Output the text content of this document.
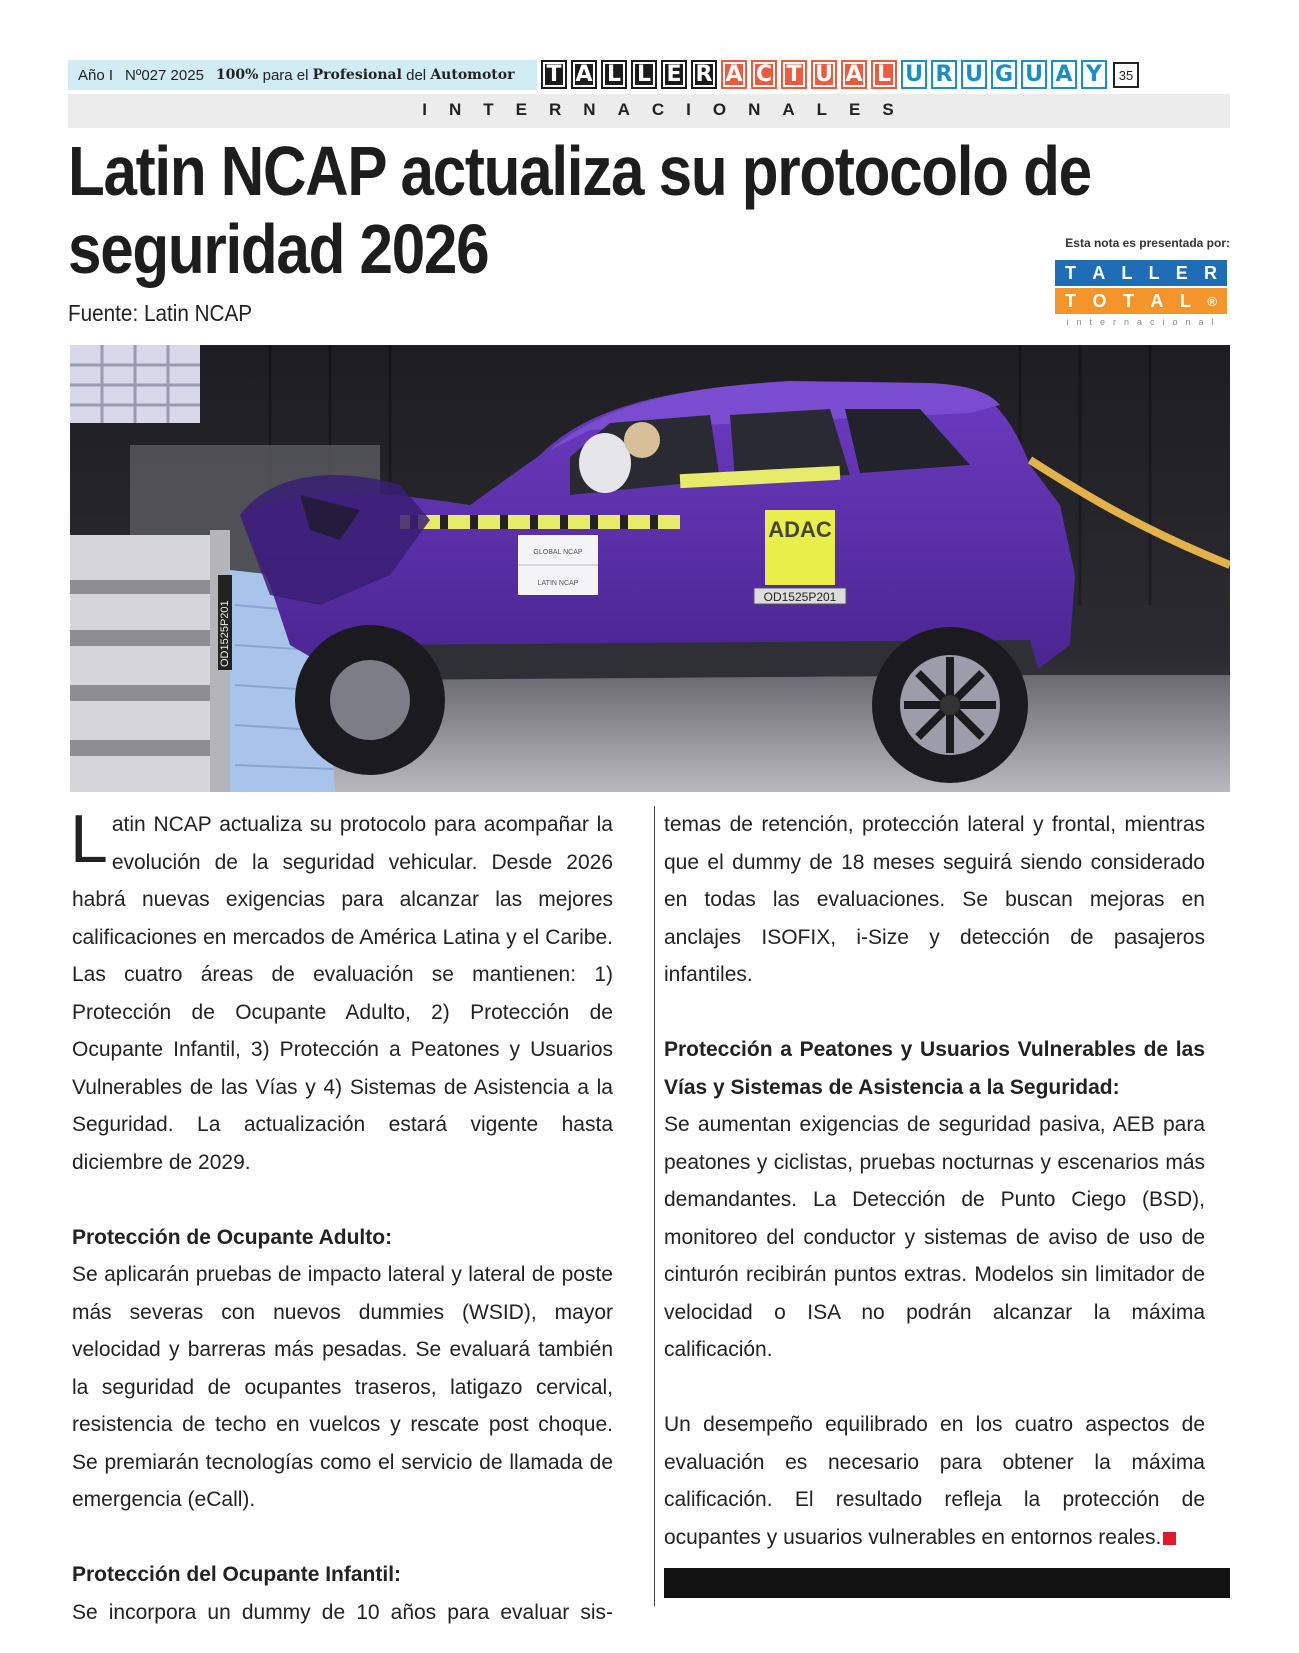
Año I Nº027 2025 100%
para el
Profesional
del
Automotor T A L L E R A C T U A L U R U G U A Y	35
INTERNACIONALES
Latin NCAP actualiza su protocolo de seguridad 2026
Fuente: Latin NCAP
Esta nota es presentada por:
T A L L E R
T O T A L ®
internacional
OD1525P201
GLOBAL NCAP
LATIN NCAP
ADAC
OD1525P201

Latin NCAP actualiza su protocolo para acompañar la evolución de la seguridad vehicular. Desde 2026 habrá nuevas exigencias para alcanzar las mejores calificaciones en mercados de América Latina y el Caribe. Las cuatro áreas de evaluación se mantienen: 1) Protección de Ocupante Adulto, 2) Protección de Ocupante Infantil, 3) Protección a Peatones y Usuarios Vulnerables de las Vías y 4) Sistemas de Asistencia a la Seguridad. La actualización estará vigente hasta diciembre de 2029.

Protección de Ocupante Adulto:

Se aplicarán pruebas de impacto lateral y lateral de poste más severas con nuevos dummies (WSID), mayor velocidad y barreras más pesadas. Se evaluará también la seguridad de ocupantes traseros, latigazo cervical, resistencia de techo en vuelcos y rescate post choque. Se premiarán tecnologías como el servicio de llamada de emergencia (eCall).

Protección del Ocupante Infantil:

Se incorpora un dummy de 10 años para evaluar sis-

temas de retención, protección lateral y frontal, mientras que el dummy de 18 meses seguirá siendo considerado en todas las evaluaciones. Se buscan mejoras en anclajes ISOFIX, i-Size y detección de pasajeros infantiles.

Protección a Peatones y Usuarios Vulnerables de las Vías y Sistemas de Asistencia a la Seguridad:

Se aumentan exigencias de seguridad pasiva, AEB para peatones y ciclistas, pruebas nocturnas y escenarios más demandantes. La Detección de Punto Ciego (BSD), monitoreo del conductor y sistemas de aviso de uso de cinturón recibirán puntos extras. Modelos sin limitador de velocidad o ISA no podrán alcanzar la máxima calificación.

Un desempeño equilibrado en los cuatro aspectos de evaluación es necesario para obtener la máxima calificación. El resultado refleja la protección de ocupantes y usuarios vulnerables en entornos reales.
